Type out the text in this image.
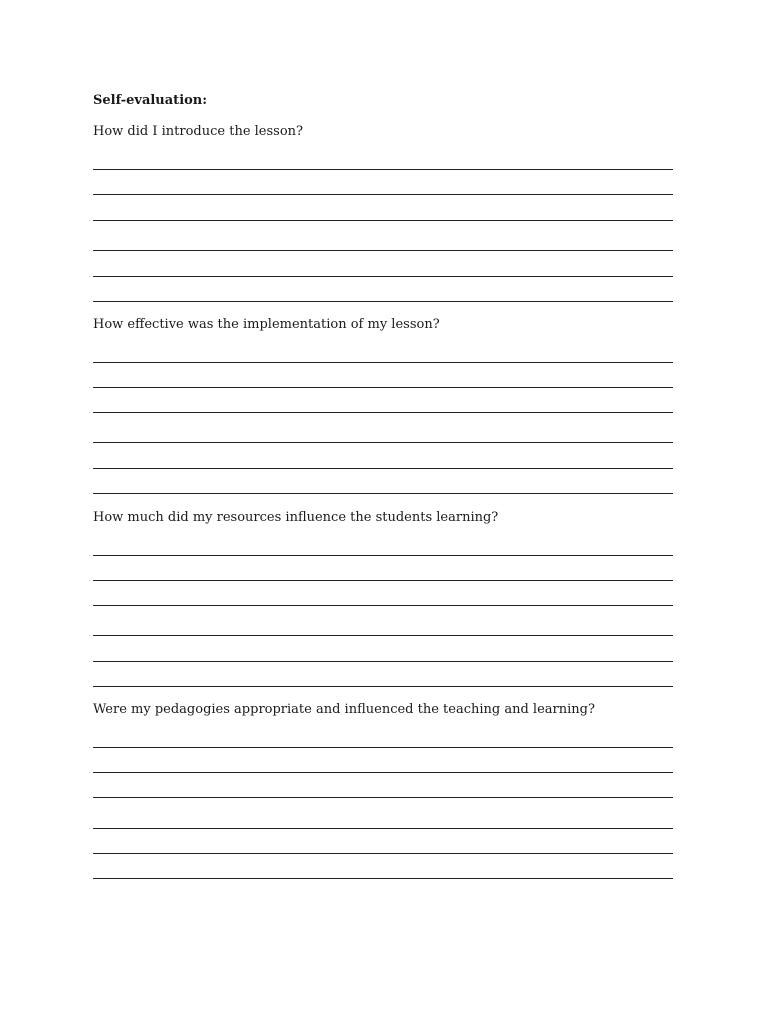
Self-evaluation:

How did I introduce the lesson?

How effective was the implementation of my lesson?

How much did my resources influence the students learning?

Were my pedagogies appropriate and influenced the teaching and learning?
